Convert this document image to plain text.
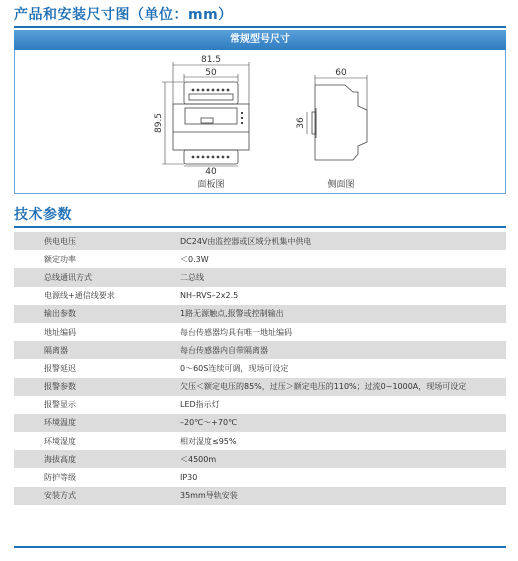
产品和安装尺寸图（单位：mm）
常规型号尺寸
81.5
50
89.5
40
面板图
60
36
侧面图
技术参数
供电电压	DC24V由监控器或区域分机集中供电
额定功率	＜0.3W
总线通讯方式	二总线
电源线+通信线要求	NH–RVS–2x2.5
输出参数	1路无源触点,报警或控制输出
地址编码	每台传感器均具有唯一地址编码
隔离器	每台传感器内自带隔离器
报警延迟	0～60S连续可调，现场可设定
报警参数	欠压＜额定电压的85%，过压＞额定电压的110%；过流0~1000A，现场可设定
报警显示	LED指示灯
环境温度	–20℃～+70℃
环境湿度	相对湿度≤95%
海拔高度	＜4500m
防护等级	IP30
安装方式	35mm导轨安装
